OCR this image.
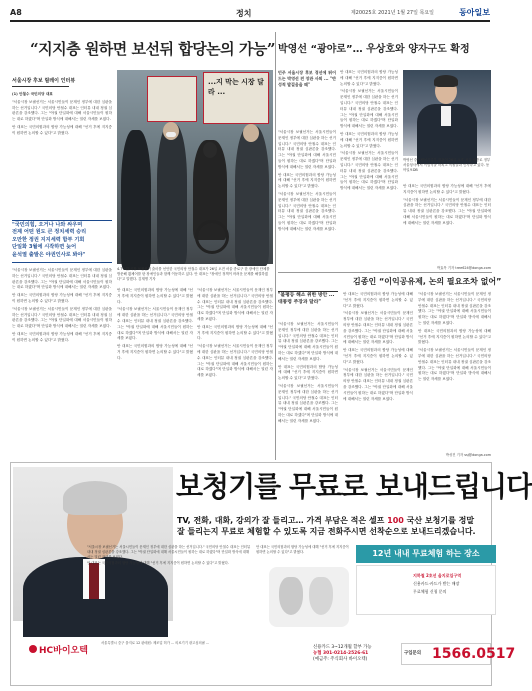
A8	정치	제20025호 2021년 1월 27일 목요일	동아일보
“지지층 원하면 보선뒤 합당논의 가능”
서울시장 후보 릴레이 인터뷰

(1) 안철수 국민의당 대표

"서울시장 보궐선거는 서울시민들이 문재인 정부에 대한 심판을 하는 선거입니다." 국민의당 안철수 대표는 인터뷰 내내 정권 심판론을 강조했다. 그는 "야권 단일화에 대해 서울시민들이 원하는 대로 하겠다"며 단일화 방식에 대해서는 열린 자세를 보였다.

안 대표는 국민의힘과의 합당 가능성에 대해 "선거 후에 지지층이 원하면 논의할 수 있다"고 밝혔다.

"국민의힘, 오거나 나와 싸우며
전제 어떤 원도 큰 정치세력 승리
오만한 정권 지지세력 함부 기회
단일화 3월에 시작하면 늦어
윤석열 출발은 야권인사로 봐야"

"서울시장 보궐선거는 서울시민들이 문재인 정부에 대한 심판을 하는 선거입니다." 국민의당 안철수 대표는 인터뷰 내내 정권 심판론을 강조했다. 그는 "야권 단일화에 대해 서울시민들이 원하는 대로 하겠다"며 단일화 방식에 대해서는 열린 자세를 보였다.

안 대표는 국민의힘과의 합당 가능성에 대해 "선거 후에 지지층이 원하면 논의할 수 있다"고 밝혔다.

"서울시장 보궐선거는 서울시민들이 문재인 정부에 대한 심판을 하는 선거입니다." 국민의당 안철수 대표는 인터뷰 내내 정권 심판론을 강조했다. 그는 "야권 단일화에 대해 서울시민들이 원하는 대로 하겠다"며 단일화 방식에 대해서는 열린 자세를 보였다.

안 대표는 국민의힘과의 합당 가능성에 대해 "선거 후에 지지층이 원하면 논의할 수 있다"고 밝혔다.

안 대표는 국민의힘과의 합당 가능성에 대해 "선거 후에 지지층이 원하면 논의할 수 있다"고 밝혔다.

"서울시장 보궐선거는 서울시민들이 문재인 정부에 대한 심판을 하는 선거입니다." 국민의당 안철수 대표는 인터뷰 내내 정권 심판론을 강조했다. 그는 "야권 단일화에 대해 서울시민들이 원하는 대로 하겠다"며 단일화 방식에 대해서는 열린 자세를 보였다.

안 대표는 국민의힘과의 합당 가능성에 대해 "선거 후에 지지층이 원하면 논의할 수 있다"고 밝혔다.

"서울시장 보궐선거는 서울시민들이 문재인 정부에 대한 심판을 하는 선거입니다." 국민의당 안철수 대표는 인터뷰 내내 정권 심판론을 강조했다. 그는 "야권 단일화에 대해 서울시민들이 원하는 대로 하겠다"며 단일화 방식에 대해서는 열린 자세를 보였다.

안 대표는 국민의힘과의 합당 가능성에 대해 "선거 후에 지지층이 원하면 논의할 수 있다"고 밝혔다.

"서울시장 보궐선거는 서울시민들이 문재인 정부에 대한 심판을 하는 선거입니다." 국민의당 안철수 대표는 인터뷰 내내 정권 심판론을 강조했다. 그는 "야권 단일화에 대해 서울시민들이 원하는 대로 하겠다"며 단일화 방식에 대해서는 열린 자세를 보였다.

...지 막는 시장 달라 ...
4.7 서울시장 보궐선거 출마를 선언한 국민의당 안철수 대표가 26일 오전 서울 종로구 한 장애인 단체를 방문해 휠체어를 탄 장애인들과 함께 이동하고 있다. 안 대표는 "장애인 정책이 어려운 문제를 해결하겠다"고 말했다. 김재명 기자
박영선 “광야로”… 우상호와 양자구도 확정
민주 서울시장 후보 경선에 뛰어드는 박영선 전 장관 사퇴 ... "반성적 발걸음을 떼"

"서울시장 보궐선거는 서울시민들이 문재인 정부에 대한 심판을 하는 선거입니다." 국민의당 안철수 대표는 인터뷰 내내 정권 심판론을 강조했다. 그는 "야권 단일화에 대해 서울시민들이 원하는 대로 하겠다"며 단일화 방식에 대해서는 열린 자세를 보였다.

안 대표는 국민의힘과의 합당 가능성에 대해 "선거 후에 지지층이 원하면 논의할 수 있다"고 밝혔다.

"서울시장 보궐선거는 서울시민들이 문재인 정부에 대한 심판을 하는 선거입니다." 국민의당 안철수 대표는 인터뷰 내내 정권 심판론을 강조했다. 그는 "야권 단일화에 대해 서울시민들이 원하는 대로 하겠다"며 단일화 방식에 대해서는 열린 자세를 보였다.

안 대표는 국민의힘과의 합당 가능성에 대해 "선거 후에 지지층이 원하면 논의할 수 있다"고 밝혔다.

"서울시장 보궐선거는 서울시민들이 문재인 정부에 대한 심판을 하는 선거입니다." 국민의당 안철수 대표는 인터뷰 내내 정권 심판론을 강조했다. 그는 "야권 단일화에 대해 서울시민들이 원하는 대로 하겠다"며 단일화 방식에 대해서는 열린 자세를 보였다.

안 대표는 국민의힘과의 합당 가능성에 대해 "선거 후에 지지층이 원하면 논의할 수 있다"고 밝혔다.

"서울시장 보궐선거는 서울시민들이 문재인 정부에 대한 심판을 하는 선거입니다." 국민의당 안철수 대표는 인터뷰 내내 정권 심판론을 강조했다. 그는 "야권 단일화에 대해 서울시민들이 원하는 대로 하겠다"며 단일화 방식에 대해서는 열린 자세를 보였다.

박영선 중소벤처기업부 장관이 26일 오후 서울 세종로 정부서울청사에서 이임식을 마치고 직원들과 인사하고 있다. 동아일보DB

안 대표는 국민의힘과의 합당 가능성에 대해 "선거 후에 지지층이 원하면 논의할 수 있다"고 밝혔다.

"서울시장 보궐선거는 서울시민들이 문재인 정부에 대한 심판을 하는 선거입니다." 국민의당 안철수 대표는 인터뷰 내내 정권 심판론을 강조했다. 그는 "야권 단일화에 대해 서울시민들이 원하는 대로 하겠다"며 단일화 방식에 대해서는 열린 자세를 보였다.

박효목 기자 tree624@donga.com
김종인 “이익공유제, 논의 필요조차 없어”
"불평등 해소 위한 방안 ... 대통령 주장과 달라"

"서울시장 보궐선거는 서울시민들이 문재인 정부에 대한 심판을 하는 선거입니다." 국민의당 안철수 대표는 인터뷰 내내 정권 심판론을 강조했다. 그는 "야권 단일화에 대해 서울시민들이 원하는 대로 하겠다"며 단일화 방식에 대해서는 열린 자세를 보였다.

안 대표는 국민의힘과의 합당 가능성에 대해 "선거 후에 지지층이 원하면 논의할 수 있다"고 밝혔다.

"서울시장 보궐선거는 서울시민들이 문재인 정부에 대한 심판을 하는 선거입니다." 국민의당 안철수 대표는 인터뷰 내내 정권 심판론을 강조했다. 그는 "야권 단일화에 대해 서울시민들이 원하는 대로 하겠다"며 단일화 방식에 대해서는 열린 자세를 보였다.

안 대표는 국민의힘과의 합당 가능성에 대해 "선거 후에 지지층이 원하면 논의할 수 있다"고 밝혔다.

"서울시장 보궐선거는 서울시민들이 문재인 정부에 대한 심판을 하는 선거입니다." 국민의당 안철수 대표는 인터뷰 내내 정권 심판론을 강조했다. 그는 "야권 단일화에 대해 서울시민들이 원하는 대로 하겠다"며 단일화 방식에 대해서는 열린 자세를 보였다.

안 대표는 국민의힘과의 합당 가능성에 대해 "선거 후에 지지층이 원하면 논의할 수 있다"고 밝혔다.

"서울시장 보궐선거는 서울시민들이 문재인 정부에 대한 심판을 하는 선거입니다." 국민의당 안철수 대표는 인터뷰 내내 정권 심판론을 강조했다. 그는 "야권 단일화에 대해 서울시민들이 원하는 대로 하겠다"며 단일화 방식에 대해서는 열린 자세를 보였다.

"서울시장 보궐선거는 서울시민들이 문재인 정부에 대한 심판을 하는 선거입니다." 국민의당 안철수 대표는 인터뷰 내내 정권 심판론을 강조했다. 그는 "야권 단일화에 대해 서울시민들이 원하는 대로 하겠다"며 단일화 방식에 대해서는 열린 자세를 보였다.

안 대표는 국민의힘과의 합당 가능성에 대해 "선거 후에 지지층이 원하면 논의할 수 있다"고 밝혔다.

"서울시장 보궐선거는 서울시민들이 문재인 정부에 대한 심판을 하는 선거입니다." 국민의당 안철수 대표는 인터뷰 내내 정권 심판론을 강조했다. 그는 "야권 단일화에 대해 서울시민들이 원하는 대로 하겠다"며 단일화 방식에 대해서는 열린 자세를 보였다.

박성진 기자 ssj@donga.com
보청기를 무료로 보내드립니다
TV, 전화, 대화, 강의가 잘 들리고… 가격 부담은 적은 셀프 100 국산 보청기를 정말
잘 들리는지 무료로 체험할 수 있도록 지금 전화주시면 선착순으로 보내드리겠습니다.

"서울시장 보궐선거는 서울시민들이 문재인 정부에 대한 심판을 하는 선거입니다." 국민의당 안철수 대표는 인터뷰 내내 정권 심판론을 강조했다. 그는 "야권 단일화에 대해 서울시민들이 원하는 대로 하겠다"며 단일화 방식에 대해서는 열린 자세를 보였다.

안 대표는 국민의힘과의 합당 가능성에 대해 "선거 후에 지지층이 원하면 논의할 수 있다"고 밝혔다.

안 대표는 국민의힘과의 합당 가능성에 대해 "선거 후에 지지층이 원하면 논의할 수 있다"고 밝혔다.	12년 내내 무료체험 하는 장소
지하철 2호선 을지로입구역
신용카드·카드가 받는 매장
무료체험 신청 문의
HC바이오텍
서울특별시 중구 을지로 12 판매원: 제조업 허가 ... 의료기기 광고심의필 ...
신용카드 3~12개월 할부 가능
농협 301-0214-2526-61
(예금주: 주식회사 바이오텍)
구입문의 1566.0517
